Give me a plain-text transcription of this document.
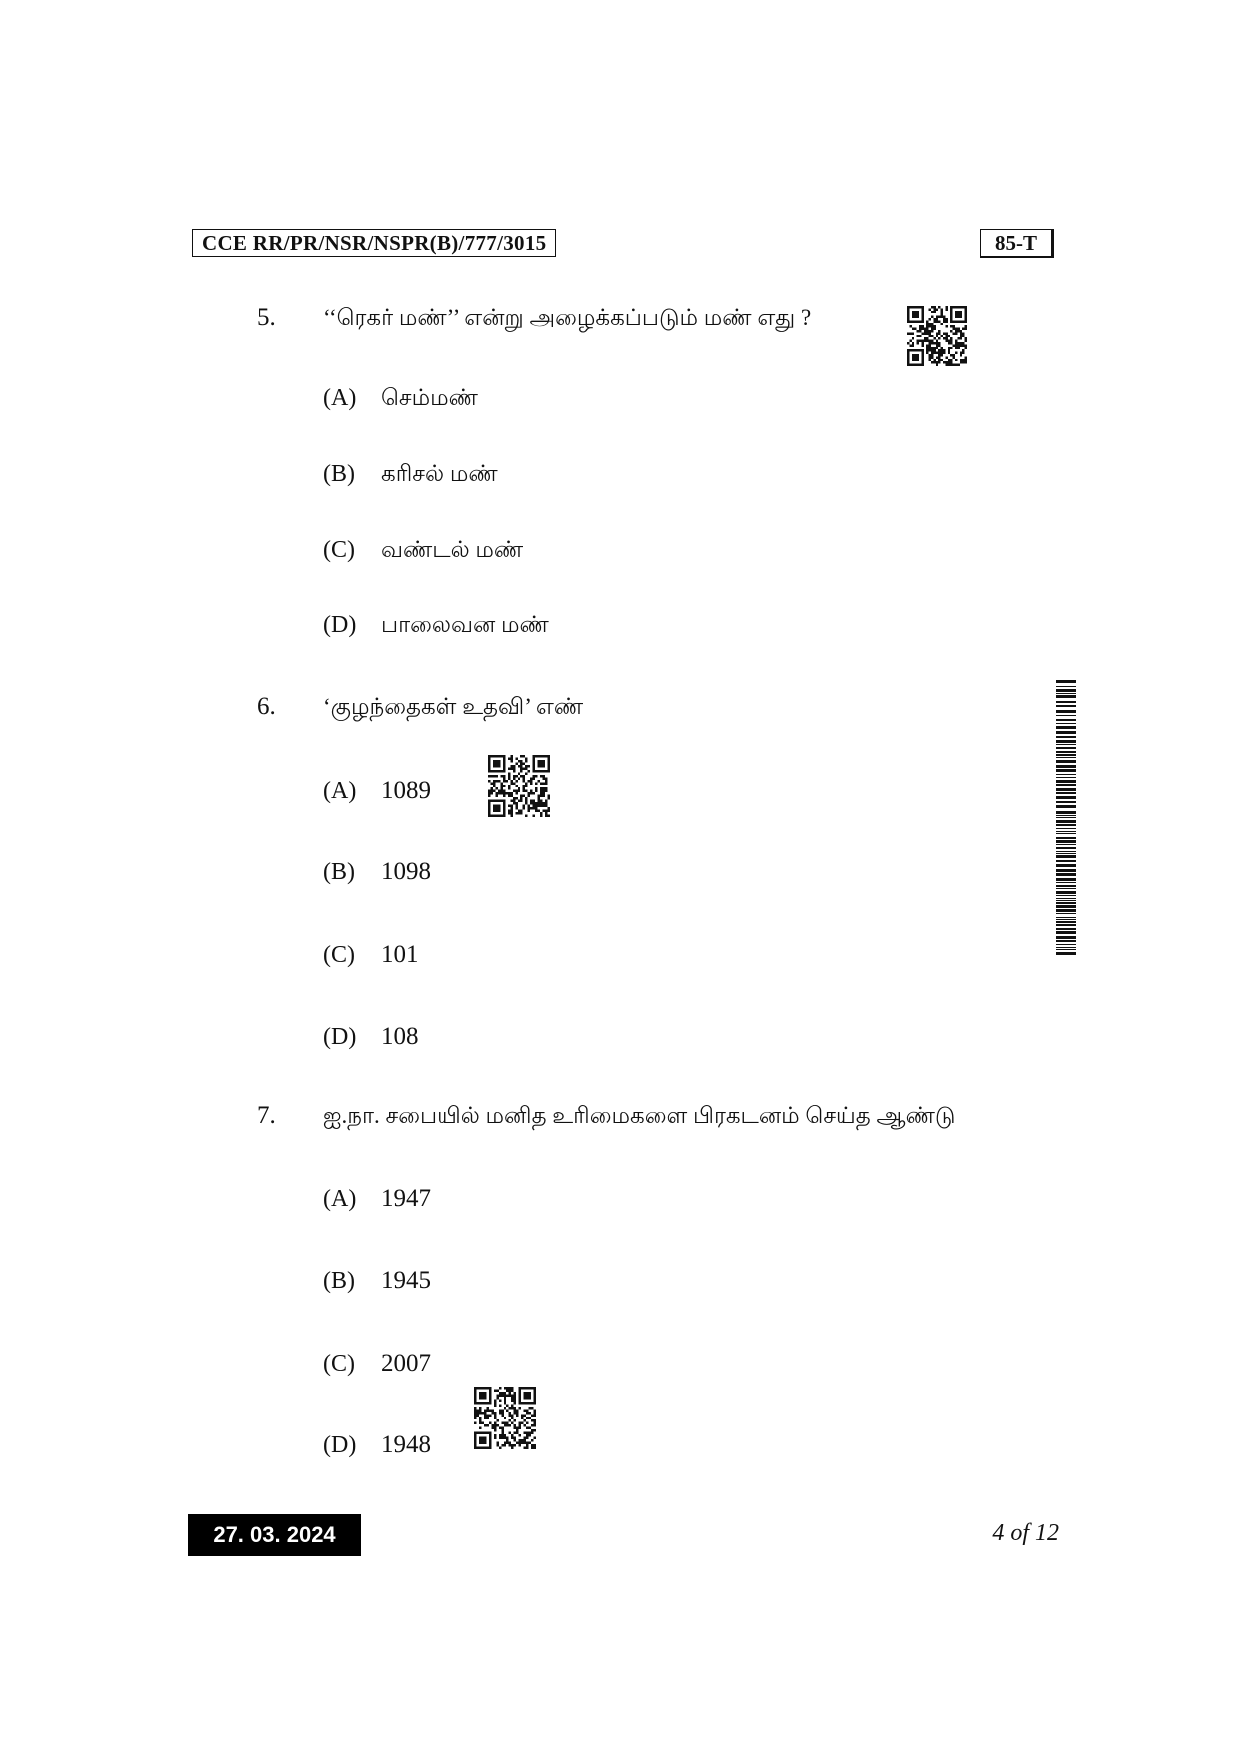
CCE RR/PR/NSR/NSPR(B)/777/3015	85-T
5. ‘‘ரெகர் மண்’’ என்று அழைக்கப்படும் மண் எது ?
(A) செம்மண்
(B) கரிசல் மண்
(C) வண்டல் மண்
(D) பாலைவன மண்
6. ‘குழந்தைகள் உதவி’ எண்
(A) 1089
(B) 1098
(C) 101
(D) 108
7. ஐ.நா. சபையில் மனித உரிமைகளை பிரகடனம் செய்த ஆண்டு
(A) 1947
(B) 1945
(C) 2007
(D) 1948
27. 03. 2024	4 of 12
